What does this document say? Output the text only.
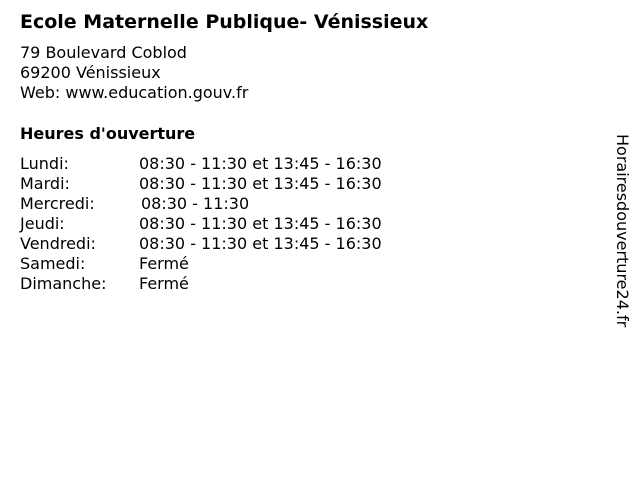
Ecole Maternelle Publique- Vénissieux
79 Boulevard Coblod
69200 Vénissieux
Web: www.education.gouv.fr
Heures d'ouverture
Lundi:	08:30 - 11:30 et 13:45 - 16:30
Mardi:	08:30 - 11:30 et 13:45 - 16:30
Mercredi:	08:30 - 11:30
Jeudi:	08:30 - 11:30 et 13:45 - 16:30
Vendredi:	08:30 - 11:30 et 13:45 - 16:30
Samedi:	Fermé
Dimanche: Fermé	Horairesdouverture24.fr
